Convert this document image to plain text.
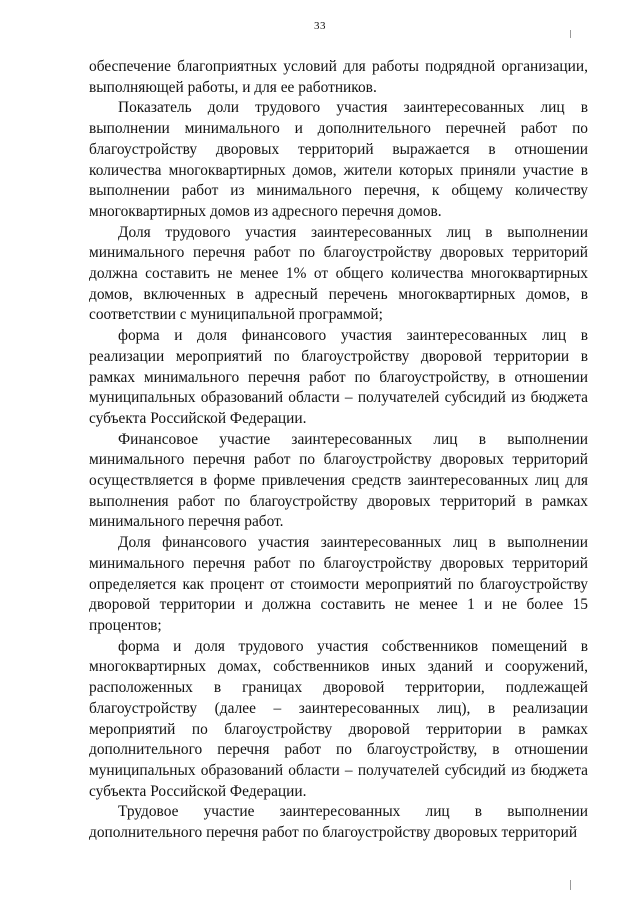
33

обеспечение благоприятных условий для работы подрядной организации, выполняющей работы, и для ее работников.

Показатель доли трудового участия заинтересованных лиц в выполнении минимального и дополнительного перечней работ по благоустройству дворовых территорий выражается в отношении количества многоквартирных домов, жители которых приняли участие в выполнении работ из минимального перечня, к общему количеству многоквартирных домов из адресного перечня домов.

Доля трудового участия заинтересованных лиц в выполнении минимального перечня работ по благоустройству дворовых территорий должна составить не менее 1% от общего количества многоквартирных домов, включенных в адресный перечень многоквартирных домов, в соответствии с муниципальной программой;

форма и доля финансового участия заинтересованных лиц в реализации мероприятий по благоустройству дворовой территории в рамках минимального перечня работ по благоустройству, в отношении муниципальных образований области – получателей субсидий из бюджета субъекта Российской Федерации.

Финансовое участие заинтересованных лиц в выполнении минимального перечня работ по благоустройству дворовых территорий осуществляется в форме привлечения средств заинтересованных лиц для выполнения работ по благоустройству дворовых территорий в рамках минимального перечня работ.

Доля финансового участия заинтересованных лиц в выполнении минимального перечня работ по благоустройству дворовых территорий определяется как процент от стоимости мероприятий по благоустройству дворовой территории и должна составить не менее 1 и не более 15 процентов;

форма и доля трудового участия собственников помещений в многоквартирных домах, собственников иных зданий и сооружений, расположенных в границах дворовой территории, подлежащей благоустройству (далее – заинтересованных лиц), в реализации мероприятий по благоустройству дворовой территории в рамках дополнительного перечня работ по благоустройству, в отношении муниципальных образований области – получателей субсидий из бюджета субъекта Российской Федерации.

Трудовое участие заинтересованных лиц в выполнении дополнительного перечня работ по благоустройству дворовых территорий
